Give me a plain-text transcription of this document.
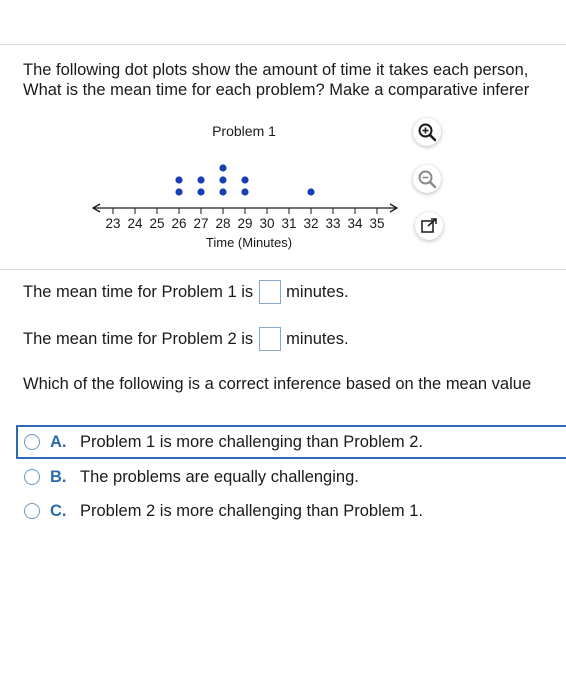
The following dot plots show the amount of time it takes each person,
What is the mean time for each problem? Make a comparative inferer
Problem 1
Time (Minutes)
23 24 25 26 27 28 29 30 31 32 33 34 35
The mean time for Problem 1 is minutes.
The mean time for Problem 2 is minutes.
Which of the following is a correct inference based on the mean value
A. Problem 1 is more challenging than Problem 2.
B. The problems are equally challenging.
C. Problem 2 is more challenging than Problem 1.
